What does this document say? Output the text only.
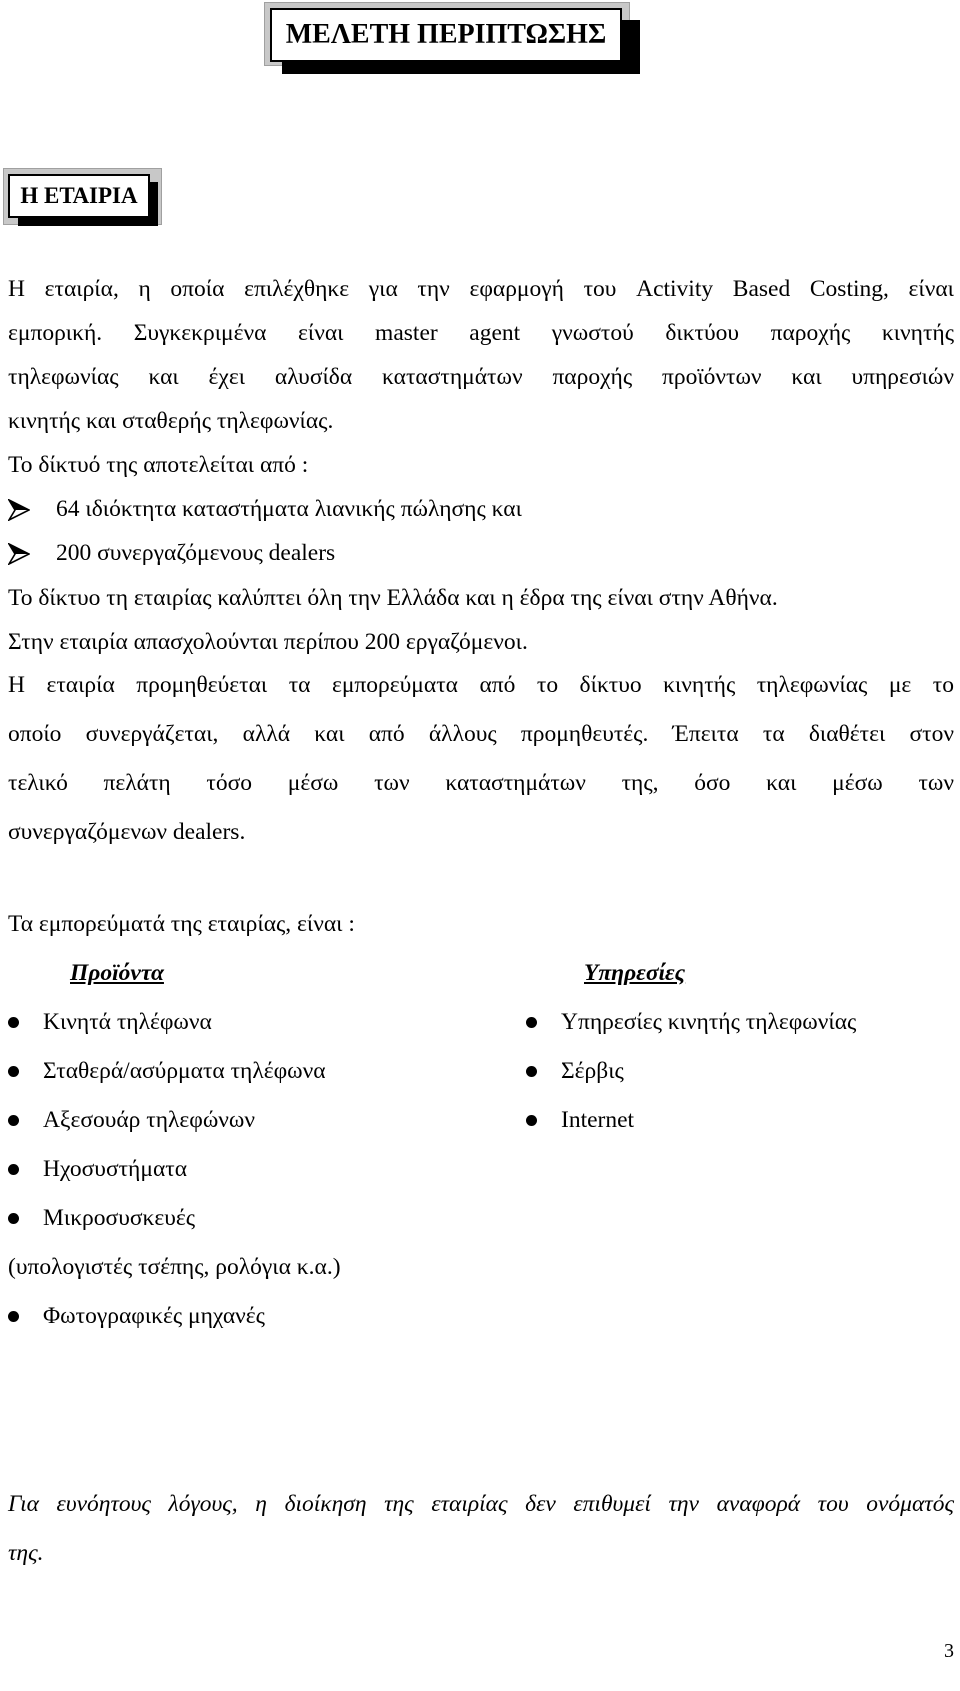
ΜΕΛΕΤΗ ΠΕΡΙΠΤΩΣΗΣ
Η ΕΤΑΙΡΙΑ
Η εταιρία, η οποία επιλέχθηκε για την εφαρμογή του Activity Based Costing, είναι
εμπορική. Συγκεκριμένα είναι master agent γνωστού δικτύου παροχής κινητής
τηλεφωνίας και έχει αλυσίδα καταστημάτων παροχής προϊόντων και υπηρεσιών
κινητής και σταθερής τηλεφωνίας.
Το δίκτυό της αποτελείται από :
64 ιδιόκτητα καταστήματα λιανικής πώλησης και
200 συνεργαζόμενους dealers
Το δίκτυο τη εταιρίας καλύπτει όλη την Ελλάδα και η έδρα της είναι στην Αθήνα.
Στην εταιρία απασχολούνται περίπου 200 εργαζόμενοι.
Η εταιρία προμηθεύεται τα εμπορεύματα από το δίκτυο κινητής τηλεφωνίας με το
οποίο συνεργάζεται, αλλά και από άλλους προμηθευτές. Έπειτα τα διαθέτει στον
τελικό πελάτη τόσο μέσω των καταστημάτων της, όσο και μέσω των
συνεργαζόμενων dealers.
Τα εμπορεύματά της εταιρίας, είναι :
Προϊόντα	Υπηρεσίες
Κινητά τηλέφωνα
Σταθερά/ασύρματα τηλέφωνα
Αξεσουάρ τηλεφώνων
Ηχοσυστήματα
Μικροσυσκευές
(υπολογιστές τσέπης, ρολόγια κ.α.)
Φωτογραφικές μηχανές
Υπηρεσίες κινητής τηλεφωνίας
Σέρβις
Internet
Για ευνόητους λόγους, η διοίκηση της εταιρίας δεν επιθυμεί την αναφορά του ονόματός
της.
3
